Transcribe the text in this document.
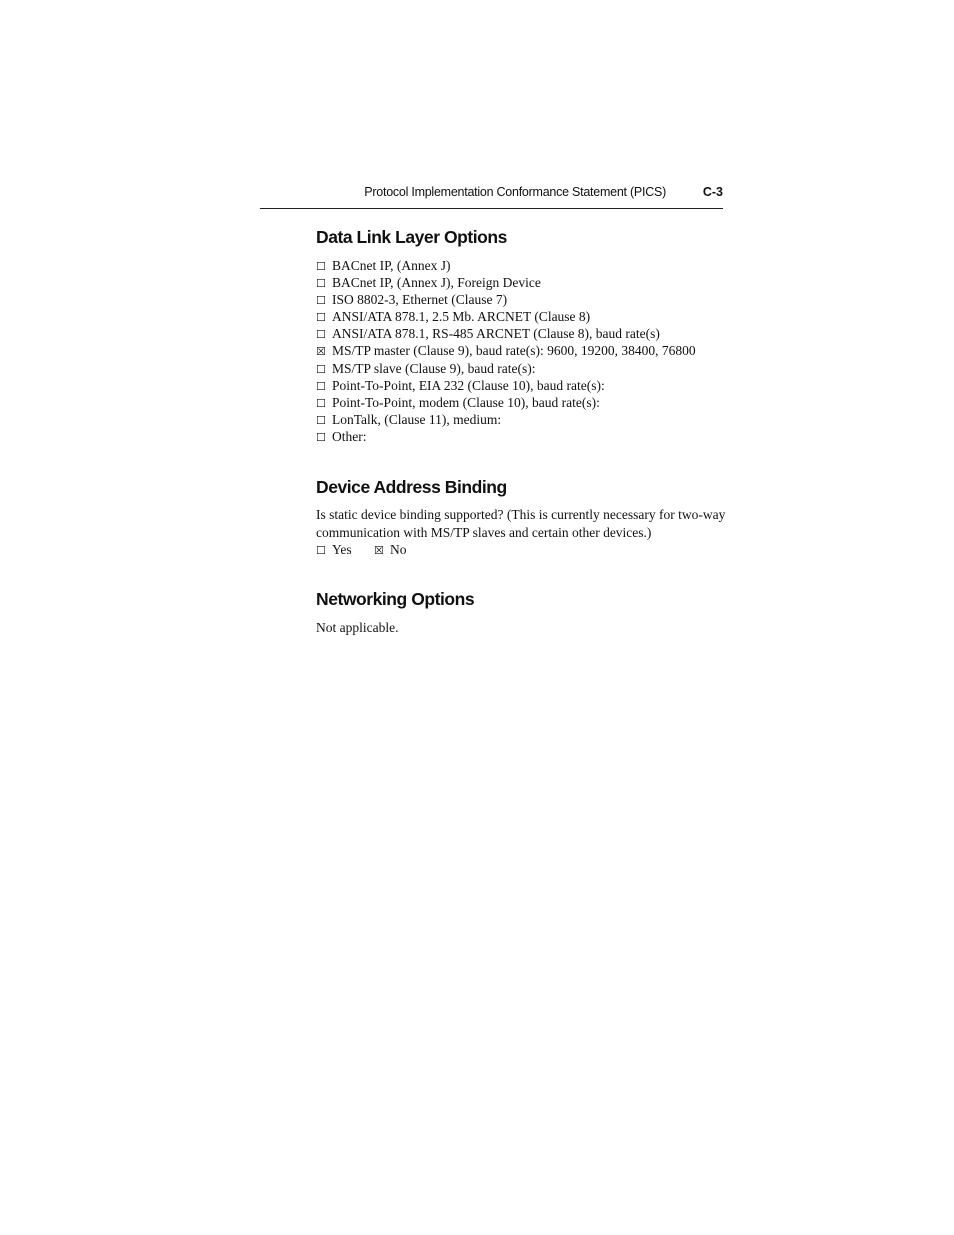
Protocol Implementation Conformance Statement (PICS)	C-3
Data Link Layer Options
☐ BACnet IP, (Annex J)
☐ BACnet IP, (Annex J), Foreign Device
☐ ISO 8802-3, Ethernet (Clause 7)
☐ ANSI/ATA 878.1, 2.5 Mb. ARCNET (Clause 8)
☐ ANSI/ATA 878.1, RS-485 ARCNET (Clause 8), baud rate(s)
☒ MS/TP master (Clause 9), baud rate(s): 9600, 19200, 38400, 76800
☐ MS/TP slave (Clause 9), baud rate(s):
☐ Point-To-Point, EIA 232 (Clause 10), baud rate(s):
☐ Point-To-Point, modem (Clause 10), baud rate(s):
☐ LonTalk, (Clause 11), medium:
☐ Other:
Device Address Binding

Is static device binding supported? (This is currently necessary for two-way communication with MS/TP slaves and certain other devices.)

☐ Yes ☒ No
Networking Options

Not applicable.
